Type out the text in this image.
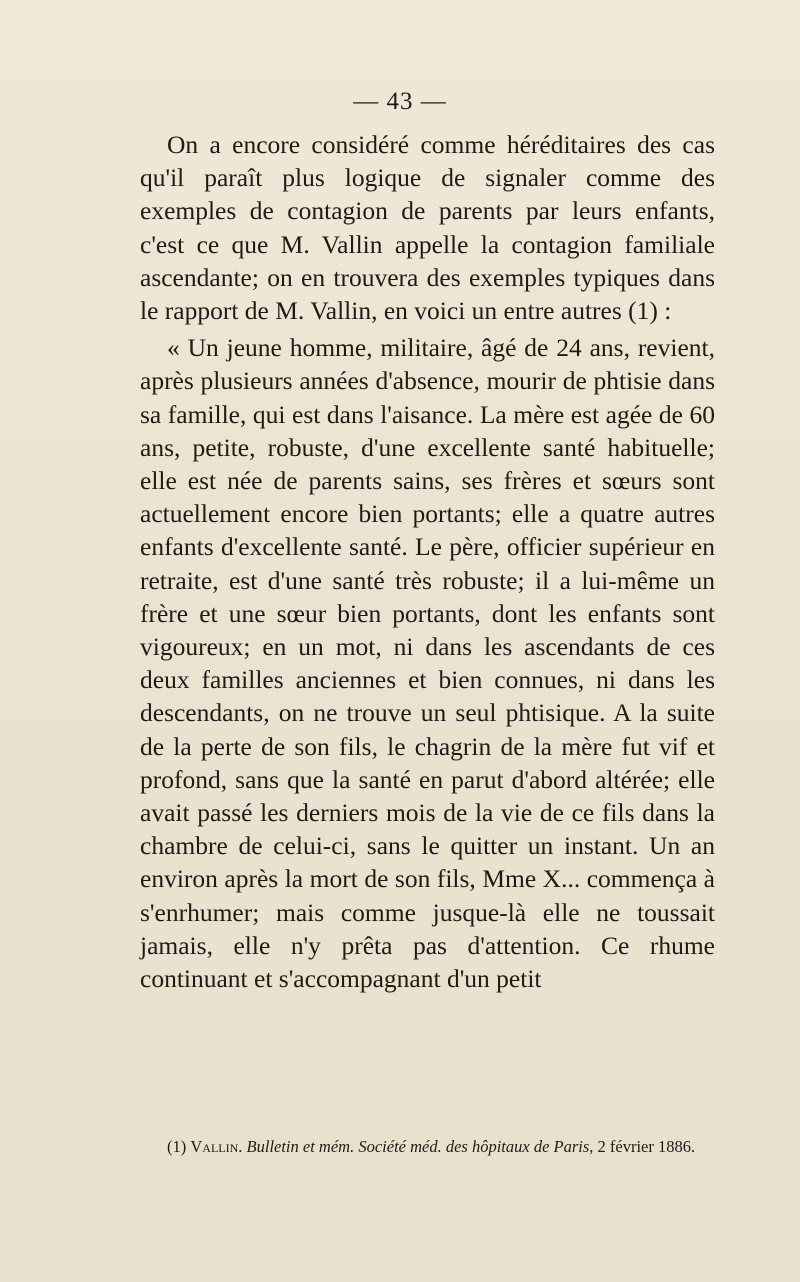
— 43 —

On a encore considéré comme héréditaires des cas qu'il paraît plus logique de signaler comme des exemples de contagion de parents par leurs enfants, c'est ce que M. Vallin appelle la contagion familiale ascendante; on en trouvera des exemples typiques dans le rapport de M. Vallin, en voici un entre autres (1) :

« Un jeune homme, militaire, âgé de 24 ans, revient, après plusieurs années d'absence, mourir de phtisie dans sa famille, qui est dans l'aisance. La mère est agée de 60 ans, petite, robuste, d'une excellente santé habituelle; elle est née de parents sains, ses frères et sœurs sont actuellement encore bien portants; elle a quatre autres enfants d'excellente santé. Le père, officier supérieur en retraite, est d'une santé très robuste; il a lui-même un frère et une sœur bien portants, dont les enfants sont vigoureux; en un mot, ni dans les ascendants de ces deux familles anciennes et bien connues, ni dans les descendants, on ne trouve un seul phtisique. A la suite de la perte de son fils, le chagrin de la mère fut vif et profond, sans que la santé en parut d'abord altérée; elle avait passé les derniers mois de la vie de ce fils dans la chambre de celui-ci, sans le quitter un instant. Un an environ après la mort de son fils, Mme X... commença à s'enrhumer; mais comme jusque-là elle ne toussait jamais, elle n'y prêta pas d'attention. Ce rhume continuant et s'accompagnant d'un petit

(1) Vallin. Bulletin et mém. Société méd. des hôpitaux de Paris, 2 février 1886.
